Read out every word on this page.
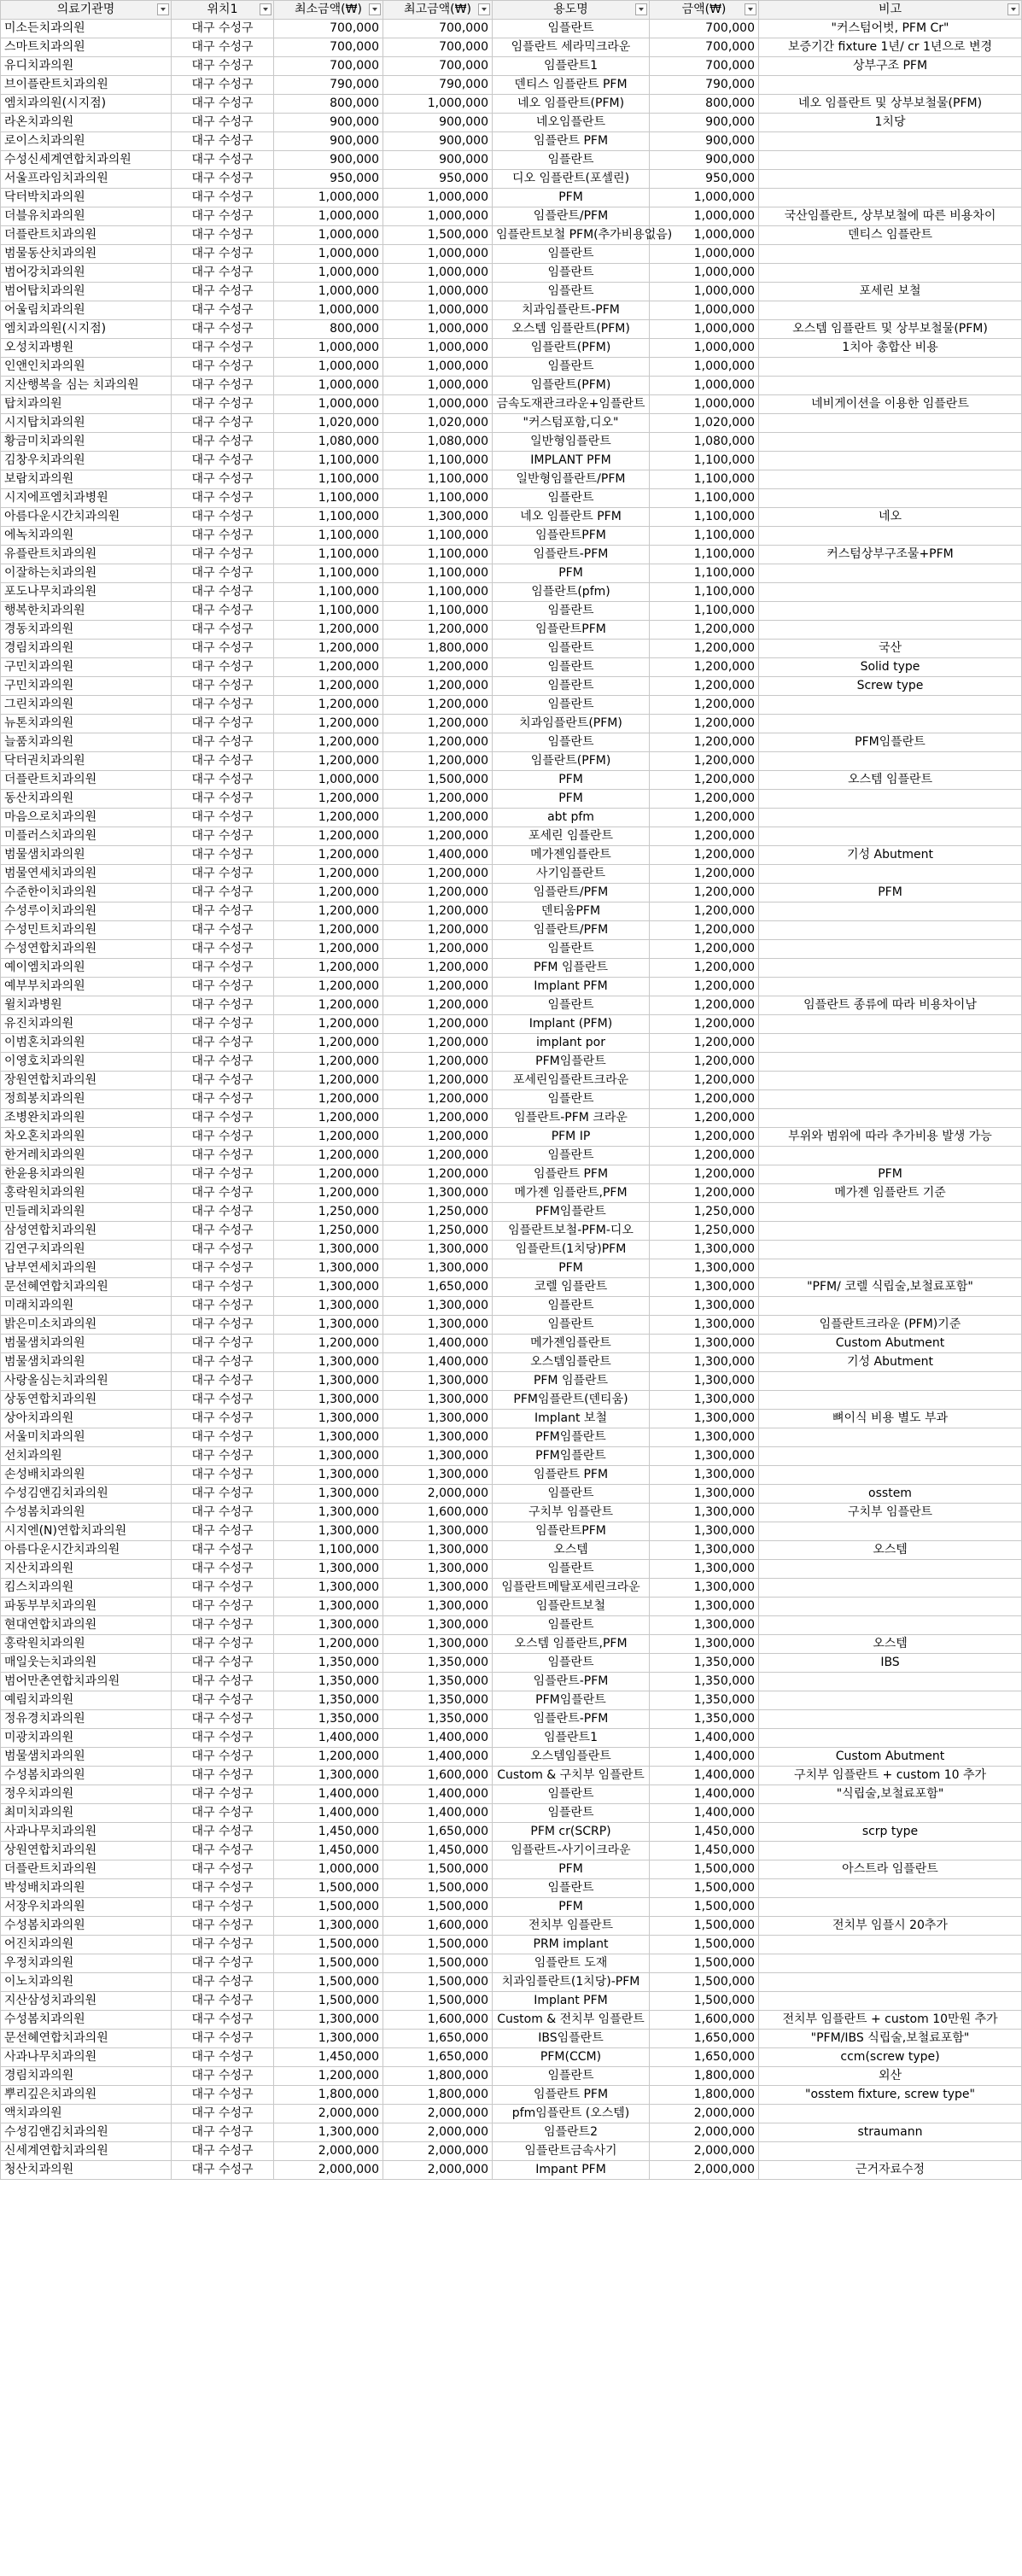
의료기관명	위치1	최소금액(₩)	최고금액(₩)	용도명	금액(₩)	비고

미소든치과의원	대구 수성구	700,000	700,000	임플란트	700,000	"커스텀어벗, PFM Cr"
스마트치과의원	대구 수성구	700,000	700,000	임플란트 세라믹크라운	700,000	보증기간 fixture 1년/ cr 1년으로 변경
유디치과의원	대구 수성구	700,000	700,000	임플란트1	700,000	상부구조 PFM
브이플란트치과의원	대구 수성구	790,000	790,000	덴티스 임플란트 PFM	790,000	
엠치과의원(시지점)	대구 수성구	800,000	1,000,000	네오 임플란트(PFM)	800,000	네오 임플란트 및 상부보철물(PFM)
라온치과의원	대구 수성구	900,000	900,000	네오임플란트	900,000	1치당
로이스치과의원	대구 수성구	900,000	900,000	임플란트 PFM	900,000	
수성신세계연합치과의원	대구 수성구	900,000	900,000	임플란트	900,000	
서울프라임치과의원	대구 수성구	950,000	950,000	디오 임플란트(포셀린)	950,000	
닥터박치과의원	대구 수성구	1,000,000	1,000,000	PFM	1,000,000	
더블유치과의원	대구 수성구	1,000,000	1,000,000	임플란트/PFM	1,000,000	국산임플란트, 상부보철에 따른 비용차이
더플란트치과의원	대구 수성구	1,000,000	1,500,000	임플란트보철 PFM(추가비용없음)	1,000,000	덴티스 임플란트
범물동산치과의원	대구 수성구	1,000,000	1,000,000	임플란트	1,000,000	
범어강치과의원	대구 수성구	1,000,000	1,000,000	임플란트	1,000,000	
범어탑치과의원	대구 수성구	1,000,000	1,000,000	임플란트	1,000,000	포세린 보철
어울림치과의원	대구 수성구	1,000,000	1,000,000	치과임플란트-PFM	1,000,000	
엠치과의원(시지점)	대구 수성구	800,000	1,000,000	오스템 임플란트(PFM)	1,000,000	오스템 임플란트 및 상부보철물(PFM)
오성치과병원	대구 수성구	1,000,000	1,000,000	임플란트(PFM)	1,000,000	1치아 총합산 비용
인앤인치과의원	대구 수성구	1,000,000	1,000,000	임플란트	1,000,000	
지산행복을 심는 치과의원	대구 수성구	1,000,000	1,000,000	임플란트(PFM)	1,000,000	
탑치과의원	대구 수성구	1,000,000	1,000,000	금속도재관크라운+임플란트	1,000,000	네비게이션을 이용한 임플란트
시지탑치과의원	대구 수성구	1,020,000	1,020,000	"커스텀포함,디오"	1,020,000	
황금미치과의원	대구 수성구	1,080,000	1,080,000	일반형임플란트	1,080,000	
김창우치과의원	대구 수성구	1,100,000	1,100,000	IMPLANT PFM	1,100,000	
보람치과의원	대구 수성구	1,100,000	1,100,000	일반형임플란트/PFM	1,100,000	
시지에프엠치과병원	대구 수성구	1,100,000	1,100,000	임플란트	1,100,000	
아름다운시간치과의원	대구 수성구	1,100,000	1,300,000	네오 임플란트 PFM	1,100,000	네오
에녹치과의원	대구 수성구	1,100,000	1,100,000	임플란트PFM	1,100,000	
유플란트치과의원	대구 수성구	1,100,000	1,100,000	임플란트-PFM	1,100,000	커스텀상부구조물+PFM
이잘하는치과의원	대구 수성구	1,100,000	1,100,000	PFM	1,100,000	
포도나무치과의원	대구 수성구	1,100,000	1,100,000	임플란트(pfm)	1,100,000	
행복한치과의원	대구 수성구	1,100,000	1,100,000	임플란트	1,100,000	
경동치과의원	대구 수성구	1,200,000	1,200,000	임플란트PFM	1,200,000	
경림치과의원	대구 수성구	1,200,000	1,800,000	임플란트	1,200,000	국산
구민치과의원	대구 수성구	1,200,000	1,200,000	임플란트	1,200,000	Solid type
구민치과의원	대구 수성구	1,200,000	1,200,000	임플란트	1,200,000	Screw type
그린치과의원	대구 수성구	1,200,000	1,200,000	임플란트	1,200,000	
뉴톤치과의원	대구 수성구	1,200,000	1,200,000	치과임플란트(PFM)	1,200,000	
늘품치과의원	대구 수성구	1,200,000	1,200,000	임플란트	1,200,000	PFM임플란트
닥터권치과의원	대구 수성구	1,200,000	1,200,000	임플란트(PFM)	1,200,000	
더플란트치과의원	대구 수성구	1,000,000	1,500,000	PFM	1,200,000	오스템 임플란트
동산치과의원	대구 수성구	1,200,000	1,200,000	PFM	1,200,000	
마음으로치과의원	대구 수성구	1,200,000	1,200,000	abt pfm	1,200,000	
미플러스치과의원	대구 수성구	1,200,000	1,200,000	포세린 임플란트	1,200,000	
범물샘치과의원	대구 수성구	1,200,000	1,400,000	메가젠임플란트	1,200,000	기성 Abutment
범물연세치과의원	대구 수성구	1,200,000	1,200,000	사기임플란트	1,200,000	
수준한이치과의원	대구 수성구	1,200,000	1,200,000	임플란트/PFM	1,200,000	PFM
수성루이치과의원	대구 수성구	1,200,000	1,200,000	덴티움PFM	1,200,000	
수성민트치과의원	대구 수성구	1,200,000	1,200,000	임플란트/PFM	1,200,000	
수성연합치과의원	대구 수성구	1,200,000	1,200,000	임플란트	1,200,000	
예이엠치과의원	대구 수성구	1,200,000	1,200,000	PFM 임플란트	1,200,000	
예부부치과의원	대구 수성구	1,200,000	1,200,000	Implant PFM	1,200,000	
윌치과병원	대구 수성구	1,200,000	1,200,000	임플란트	1,200,000	임플란트 종류에 따라 비용차이남
유진치과의원	대구 수성구	1,200,000	1,200,000	Implant (PFM)	1,200,000	
이범혼치과의원	대구 수성구	1,200,000	1,200,000	implant por	1,200,000	
이영호치과의원	대구 수성구	1,200,000	1,200,000	PFM임플란트	1,200,000	
장원연합치과의원	대구 수성구	1,200,000	1,200,000	포세린임플란트크라운	1,200,000	
정희봉치과의원	대구 수성구	1,200,000	1,200,000	임플란트	1,200,000	
조병완치과의원	대구 수성구	1,200,000	1,200,000	임플란트-PFM 크라운	1,200,000	
차오혼치과의원	대구 수성구	1,200,000	1,200,000	PFM IP	1,200,000	부위와 범위에 따라 추가비용 발생 가능
한거레치과의원	대구 수성구	1,200,000	1,200,000	임플란트	1,200,000	
한윤용치과의원	대구 수성구	1,200,000	1,200,000	임플란트 PFM	1,200,000	PFM
홍락원치과의원	대구 수성구	1,200,000	1,300,000	메가젠 임플란트,PFM	1,200,000	메가젠 임플란트 기준
민들레치과의원	대구 수성구	1,250,000	1,250,000	PFM임플란트	1,250,000	
삼성연합치과의원	대구 수성구	1,250,000	1,250,000	임플란트보철-PFM-디오	1,250,000	
김연구치과의원	대구 수성구	1,300,000	1,300,000	임플란트(1치당)PFM	1,300,000	
남부연세치과의원	대구 수성구	1,300,000	1,300,000	PFM	1,300,000	
문선혜연합치과의원	대구 수성구	1,300,000	1,650,000	코렐 임플란트	1,300,000	"PFM/ 코렐 식립술,보철료포함"
미래치과의원	대구 수성구	1,300,000	1,300,000	임플란트	1,300,000	
밝은미소치과의원	대구 수성구	1,300,000	1,300,000	임플란트	1,300,000	임플란트크라운 (PFM)기준
범물샘치과의원	대구 수성구	1,200,000	1,400,000	메가젠임플란트	1,300,000	Custom Abutment
범물샘치과의원	대구 수성구	1,300,000	1,400,000	오스템임플란트	1,300,000	기성 Abutment
사랑올심는치과의원	대구 수성구	1,300,000	1,300,000	PFM 임플란트	1,300,000	
상동연합치과의원	대구 수성구	1,300,000	1,300,000	PFM임플란트(덴티움)	1,300,000	
상아치과의원	대구 수성구	1,300,000	1,300,000	Implant 보철	1,300,000	뼈이식 비용 별도 부과
서울미치과의원	대구 수성구	1,300,000	1,300,000	PFM임플란트	1,300,000	
선치과의원	대구 수성구	1,300,000	1,300,000	PFM임플란트	1,300,000	
손성배치과의원	대구 수성구	1,300,000	1,300,000	임플란트 PFM	1,300,000	
수성김앤김치과의원	대구 수성구	1,300,000	2,000,000	임플란트	1,300,000	osstem
수성봄치과의원	대구 수성구	1,300,000	1,600,000	구치부 임플란트	1,300,000	구치부 임플란트
시지엔(N)연합치과의원	대구 수성구	1,300,000	1,300,000	임플란트PFM	1,300,000	
아름다운시간치과의원	대구 수성구	1,100,000	1,300,000	오스템	1,300,000	오스템
지산치과의원	대구 수성구	1,300,000	1,300,000	임플란트	1,300,000	
킴스치과의원	대구 수성구	1,300,000	1,300,000	임플란트메탈포세린크라운	1,300,000	
파동부부치과의원	대구 수성구	1,300,000	1,300,000	임플란트보철	1,300,000	
현대연합치과의원	대구 수성구	1,300,000	1,300,000	임플란트	1,300,000	
홍락원치과의원	대구 수성구	1,200,000	1,300,000	오스템 임플란트,PFM	1,300,000	오스템
매일웃는치과의원	대구 수성구	1,350,000	1,350,000	임플란트	1,350,000	IBS
범어만촌연합치과의원	대구 수성구	1,350,000	1,350,000	임플란트-PFM	1,350,000	
예림치과의원	대구 수성구	1,350,000	1,350,000	PFM임플란트	1,350,000	
정유경치과의원	대구 수성구	1,350,000	1,350,000	임플란트-PFM	1,350,000	
미광치과의원	대구 수성구	1,400,000	1,400,000	임플란트1	1,400,000	
범물샘치과의원	대구 수성구	1,200,000	1,400,000	오스템임플란트	1,400,000	Custom Abutment
수성봄치과의원	대구 수성구	1,300,000	1,600,000	Custom & 구치부 임플란트	1,400,000	구치부 임플란트 + custom 10 추가
정우치과의원	대구 수성구	1,400,000	1,400,000	임플란트	1,400,000	"식립술,보철료포함"
최미치과의원	대구 수성구	1,400,000	1,400,000	임플란트	1,400,000	
사과나무치과의원	대구 수성구	1,450,000	1,650,000	PFM cr(SCRP)	1,450,000	scrp type
상원연합치과의원	대구 수성구	1,450,000	1,450,000	임플란트-사기이크라운	1,450,000	
더플란트치과의원	대구 수성구	1,000,000	1,500,000	PFM	1,500,000	아스트라 임플란트
박성배치과의원	대구 수성구	1,500,000	1,500,000	임플란트	1,500,000	
서장우치과의원	대구 수성구	1,500,000	1,500,000	PFM	1,500,000	
수성봄치과의원	대구 수성구	1,300,000	1,600,000	전치부 임플란트	1,500,000	전치부 임플시 20추가
어진치과의원	대구 수성구	1,500,000	1,500,000	PRM implant	1,500,000	
우정치과의원	대구 수성구	1,500,000	1,500,000	임플란트 도재	1,500,000	
이노치과의원	대구 수성구	1,500,000	1,500,000	치과임플란트(1치당)-PFM	1,500,000	
지산삼성치과의원	대구 수성구	1,500,000	1,500,000	Implant PFM	1,500,000	
수성봄치과의원	대구 수성구	1,300,000	1,600,000	Custom & 전치부 임플란트	1,600,000	전치부 임플란트 + custom 10만원 추가
문선혜연합치과의원	대구 수성구	1,300,000	1,650,000	IBS임플란트	1,650,000	"PFM/IBS 식립술,보철료포함"
사과나무치과의원	대구 수성구	1,450,000	1,650,000	PFM(CCM)	1,650,000	ccm(screw type)
경림치과의원	대구 수성구	1,200,000	1,800,000	임플란트	1,800,000	외산
뿌리깊은치과의원	대구 수성구	1,800,000	1,800,000	임플란트 PFM	1,800,000	"osstem fixture, screw type"
액치과의원	대구 수성구	2,000,000	2,000,000	pfm임플란트 (오스템)	2,000,000	
수성김앤김치과의원	대구 수성구	1,300,000	2,000,000	임플란트2	2,000,000	straumann
신세계연합치과의원	대구 수성구	2,000,000	2,000,000	임플란트금속사기	2,000,000	
청산치과의원	대구 수성구	2,000,000	2,000,000	Impant PFM	2,000,000	근거자료수정
